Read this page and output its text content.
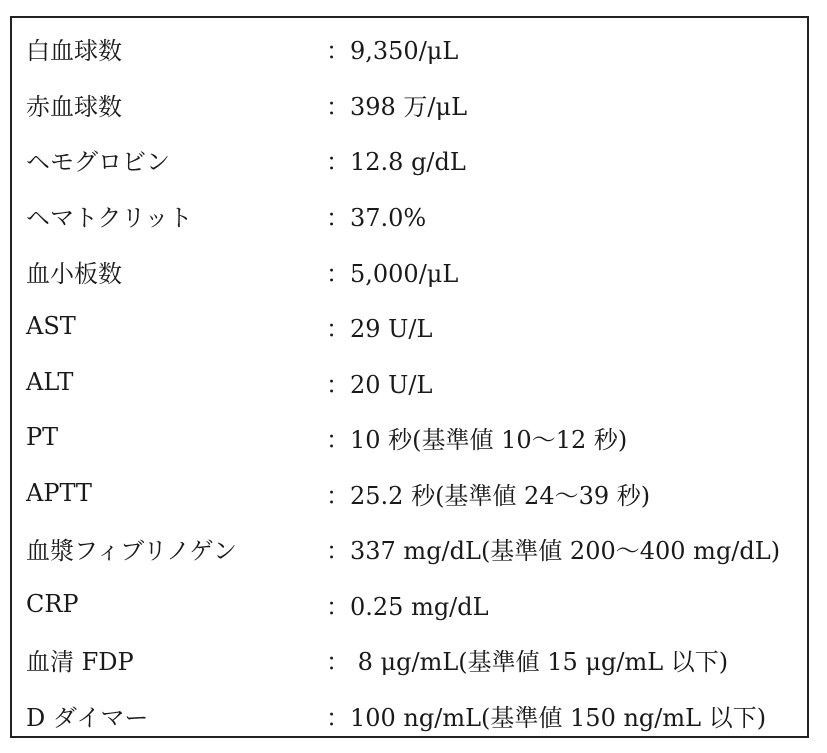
白血球数	：9,350/μL
赤血球数	：398 万/μL
ヘモグロビン	：12.8 g/dL
ヘマトクリット	：37.0%
血小板数	：5,000/μL
AST	：29 U/L
ALT	：20 U/L
PT	：10 秒(基準値 10〜12 秒)
APTT	：25.2 秒(基準値 24〜39 秒)
血漿フィブリノゲン	：337 mg/dL(基準値 200〜400 mg/dL)
CRP	：0.25 mg/dL
血清 FDP	： 8 μg/mL(基準値 15 μg/mL 以下)
D ダイマー	：100 ng/mL(基準値 150 ng/mL 以下)
